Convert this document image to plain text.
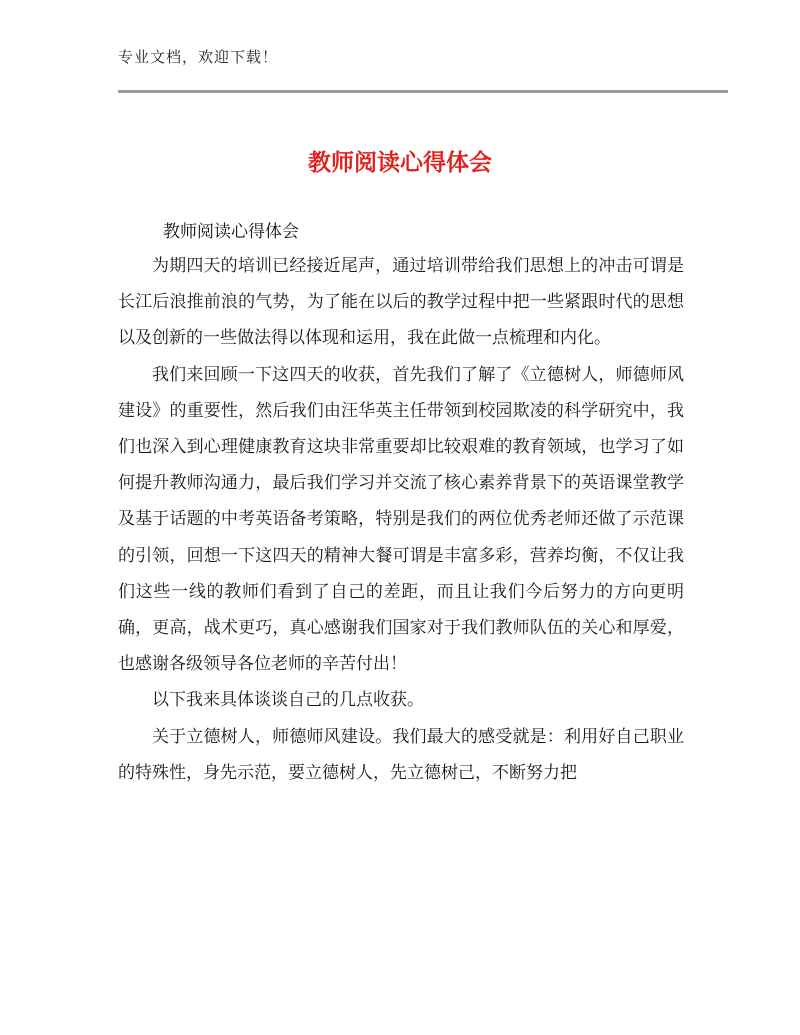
专业文档，欢迎下载！
教师阅读心得体会
教师阅读心得体会

为期四天的培训已经接近尾声，通过培训带给我们思想上的冲击可谓是长江后浪推前浪的气势，为了能在以后的教学过程中把一些紧跟时代的思想以及创新的一些做法得以体现和运用，我在此做一点梳理和内化。

我们来回顾一下这四天的收获，首先我们了解了《立德树人，师德师风建设》的重要性，然后我们由汪华英主任带领到校园欺凌的科学研究中，我们也深入到心理健康教育这块非常重要却比较艰难的教育领域，也学习了如何提升教师沟通力，最后我们学习并交流了核心素养背景下的英语课堂教学及基于话题的中考英语备考策略，特别是我们的两位优秀老师还做了示范课的引领，回想一下这四天的精神大餐可谓是丰富多彩，营养均衡，不仅让我们这些一线的教师们看到了自己的差距，而且让我们今后努力的方向更明确，更高，战术更巧，真心感谢我们国家对于我们教师队伍的关心和厚爱，也感谢各级领导各位老师的辛苦付出！

以下我来具体谈谈自己的几点收获。

关于立德树人，师德师风建设。我们最大的感受就是：利用好自己职业的特殊性，身先示范，要立德树人，先立德树己，不断努力把
